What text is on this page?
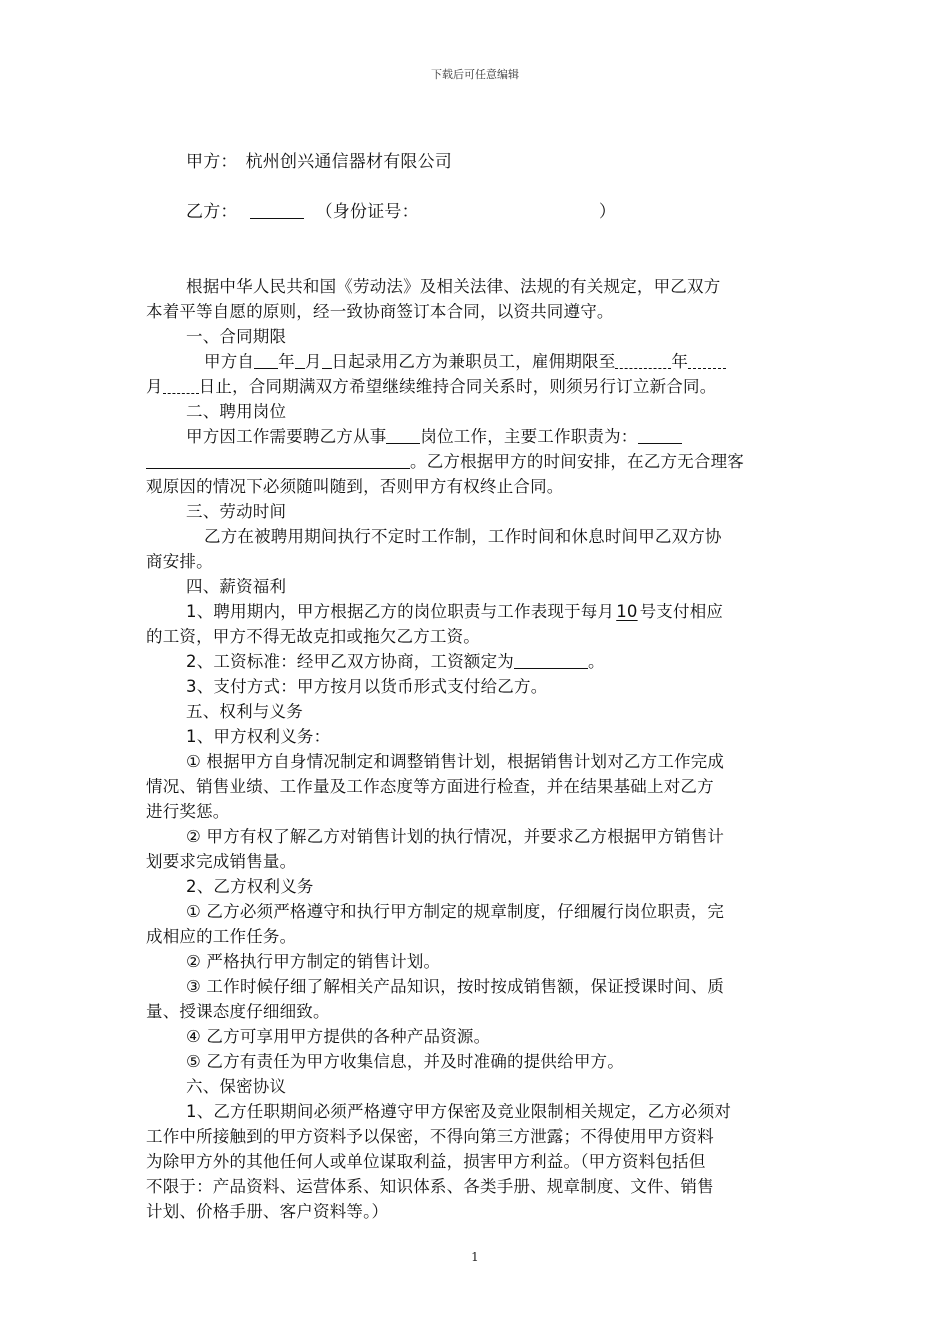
下载后可任意编辑
甲方： 杭州创兴通信器材有限公司
乙方：	（身份证号：	）
根据中华人民共和国《劳动法》及相关法律、法规的有关规定，甲乙双方
本着平等自愿的原则，经一致协商签订本合同，以资共同遵守。
一、合同期限
甲方自 年 月 日起录用乙方为兼职员工，雇佣期限至	年
月 日止，合同期满双方希望继续维持合同关系时，则须另行订立新合同。
二、聘用岗位
甲方因工作需要聘乙方从事 岗位工作，主要工作职责为：
。乙方根据甲方的时间安排，在乙方无合理客
观原因的情况下必须随叫随到，否则甲方有权终止合同。
三、劳动时间
乙方在被聘用期间执行不定时工作制，工作时间和休息时间甲乙双方协
商安排。
四、薪资福利
1、聘用期内，甲方根据乙方的岗位职责与工作表现于每月 10 号支付相应
的工资，甲方不得无故克扣或拖欠乙方工资。
2、工资标准：经甲乙双方协商，工资额定为	。
3、支付方式：甲方按月以货币形式支付给乙方。
五、权利与义务
1、甲方权利义务：
① 根据甲方自身情况制定和调整销售计划，根据销售计划对乙方工作完成
情况、销售业绩、工作量及工作态度等方面进行检查，并在结果基础上对乙方
进行奖惩。
② 甲方有权了解乙方对销售计划的执行情况，并要求乙方根据甲方销售计
划要求完成销售量。
2、乙方权利义务
① 乙方必须严格遵守和执行甲方制定的规章制度，仔细履行岗位职责，完
成相应的工作任务。
② 严格执行甲方制定的销售计划。
③ 工作时候仔细了解相关产品知识，按时按成销售额，保证授课时间、质
量、授课态度仔细细致。
④ 乙方可享用甲方提供的各种产品资源。
⑤ 乙方有责任为甲方收集信息，并及时准确的提供给甲方。
六、保密协议
1、乙方任职期间必须严格遵守甲方保密及竞业限制相关规定，乙方必须对
工作中所接触到的甲方资料予以保密，不得向第三方泄露；不得使用甲方资料
为除甲方外的其他任何人或单位谋取利益，损害甲方利益。（甲方资料包括但
不限于：产品资料、运营体系、知识体系、各类手册、规章制度、文件、销售
计划、价格手册、客户资料等。）
1
